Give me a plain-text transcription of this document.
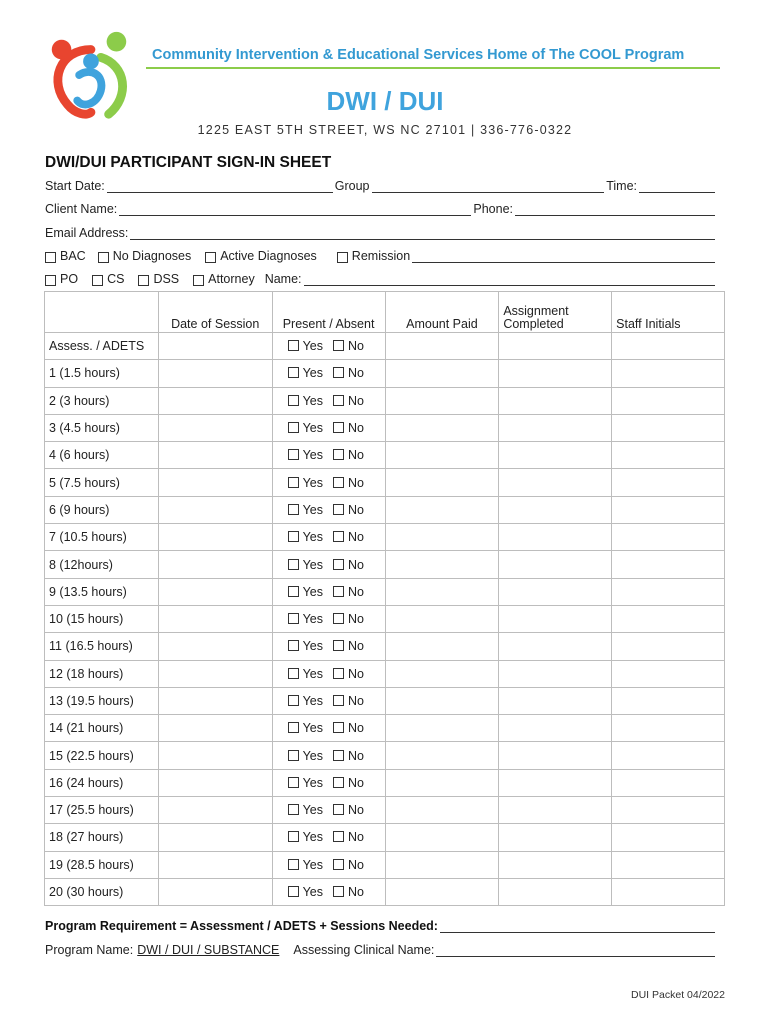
Community Intervention & Educational Services Home of The COOL Program
DWI / DUI
1225 EAST 5TH STREET, WS NC 27101 | 336-776-0322
DWI/DUI PARTICIPANT SIGN-IN SHEET
Start Date:	Group	Time:
Client Name:	Phone:
Email Address:
BAC No Diagnoses Active Diagnoses	Remission
PO CS DSS Attorney Name:
	Date of Session	Present / Absent	Amount Paid	Assignment Completed	Staff Initials
Assess. / ADETS		Yes No			
1 (1.5 hours)		Yes No			
2 (3 hours)		Yes No			
3 (4.5 hours)		Yes No			
4 (6 hours)		Yes No			
5 (7.5 hours)		Yes No			
6 (9 hours)		Yes No			
7 (10.5 hours)		Yes No			
8 (12hours)		Yes No			
9 (13.5 hours)		Yes No			
10 (15 hours)		Yes No			
11 (16.5 hours)		Yes No			
12 (18 hours)		Yes No			
13 (19.5 hours)		Yes No			
14 (21 hours)		Yes No			
15 (22.5 hours)		Yes No			
16 (24 hours)		Yes No			
17 (25.5 hours)		Yes No			
18 (27 hours)		Yes No			
19 (28.5 hours)		Yes No			
20 (30 hours)		Yes No			
Program Requirement = Assessment / ADETS + Sessions Needed:
Program Name: DWI / DUI / SUBSTANCE Assessing Clinical Name:
DUI Packet 04/2022
